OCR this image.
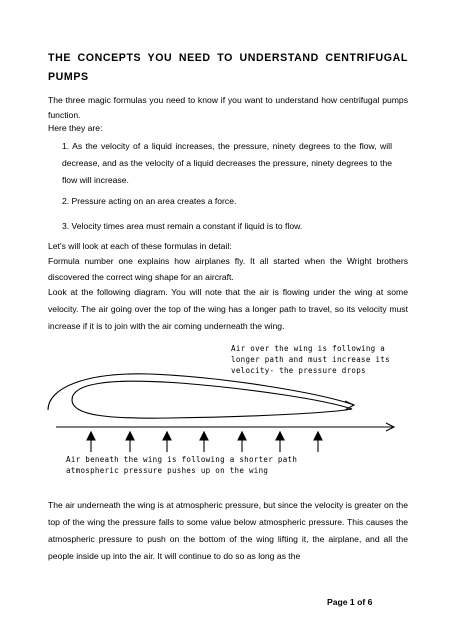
THE CONCEPTS YOU NEED TO UNDERSTAND CENTRIFUGAL PUMPS
The three magic formulas you need to know if you want to understand how centrifugal pumps function.
Here they are:
1. As the velocity of a liquid increases, the pressure, ninety degrees to the flow, will decrease, and as the velocity of a liquid decreases the pressure, ninety degrees to the flow will increase.
2. Pressure acting on an area creates a force.
3. Velocity times area must remain a constant if liquid is to flow.
Let's will look at each of these formulas in detail:
Formula number one explains how airplanes fly. It all started when the Wright brothers discovered the correct wing shape for an aircraft.
Look at the following diagram. You will note that the air is flowing under the wing at some velocity. The air going over the top of the wing has a longer path to travel, so its velocity must increase if it is to join with the air coming underneath the wing.
Air over the wing is following a
longer path and must increase its
velocity- the pressure drops
Air beneath the wing is following a shorter path
atmospheric pressure pushes up on the wing
The air underneath the wing is at atmospheric pressure, but since the velocity is greater on the top of the wing the pressure falls to some value below atmospheric pressure. This causes the atmospheric pressure to push on the bottom of the wing lifting it, the airplane, and all the people inside up into the air. It will continue to do so as long as the
Page 1 of 6
